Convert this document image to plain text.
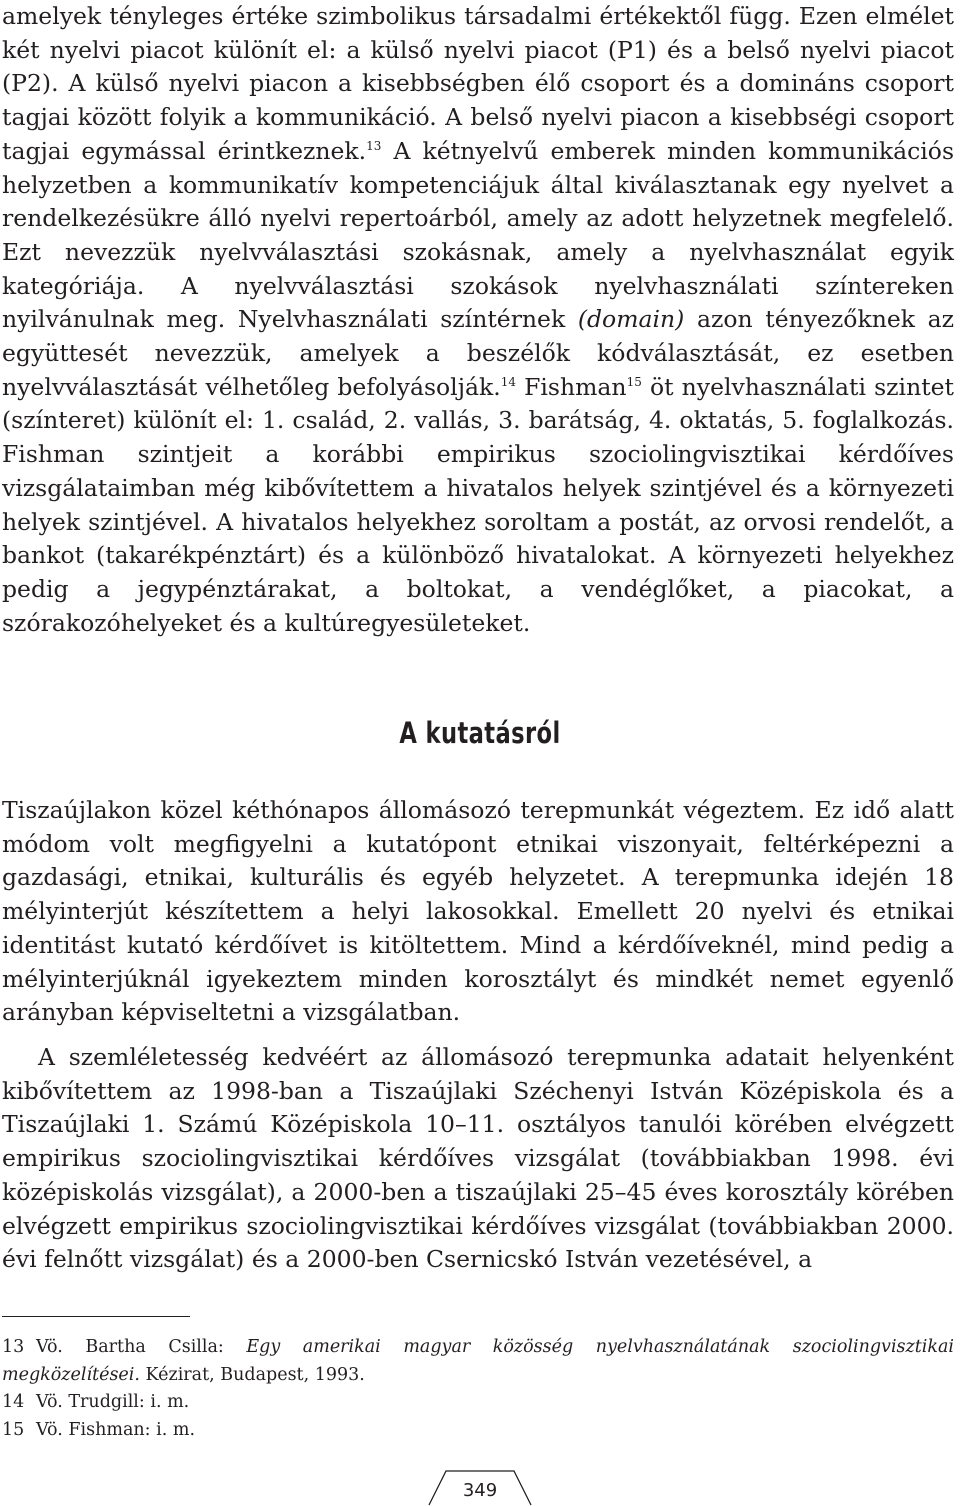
amelyek tényleges értéke szimbolikus társadalmi értékektől függ. Ezen elmélet két nyelvi piacot különít el: a külső nyelvi piacot (P1) és a belső nyelvi piacot (P2). A külső nyelvi piacon a kisebbségben élő csoport és a domináns csoport tagjai között folyik a kommunikáció. A belső nyelvi piacon a kisebbségi csoport tagjai egymással érintkeznek.$^{13}$ A kétnyelvű emberek minden kommunikációs helyzetben a kommunikatív kompetenciájuk által kiválasztanak egy nyelvet a rendelkezésükre álló nyelvi repertoárból, amely az adott helyzetnek megfelelő. Ezt nevezzük nyelvválasztási szokásnak, amely a nyelvhasználat egyik kategóriája. A nyelvválasztási szokások nyelvhasználati színtereken nyilvánulnak meg. Nyelvhasználati színtérnek (domain) azon tényezőknek az együttesét nevezzük, amelyek a beszélők kódválasztását, ez esetben nyelvválasztását vélhetőleg befolyásolják.$^{14}$ Fishman$^{15}$ öt nyelvhasználati szintet (színteret) különít el: 1. család, 2. vallás, 3. barátság, 4. oktatás, 5. foglalkozás. Fishman szintjeit a korábbi empirikus szociolingvisztikai kérdőíves vizsgálataimban még kibővítettem a hivatalos helyek szintjével és a környezeti helyek szintjével. A hivatalos helyekhez soroltam a postát, az orvosi rendelőt, a bankot (takarékpénztárt) és a különböző hivatalokat. A környezeti helyekhez pedig a jegypénztárakat, a boltokat, a vendéglőket, a piacokat, a szórakozóhelyeket és a kultúregyesületeket.
A kutatásról
Tiszaújlakon közel kéthónapos állomásozó terepmunkát végeztem. Ez idő alatt módom volt megfigyelni a kutatópont etnikai viszonyait, feltérképezni a gazdasági, etnikai, kulturális és egyéb helyzetet. A terepmunka idején 18 mélyinterjút készítettem a helyi lakosokkal. Emellett 20 nyelvi és etnikai identitást kutató kérdőívet is kitöltettem. Mind a kérdőíveknél, mind pedig a mélyinterjúknál igyekeztem minden korosztályt és mindkét nemet egyenlő arányban képviseltetni a vizsgálatban.
A szemléletesség kedvéért az állomásozó terepmunka adatait helyenként kibővítettem az 1998-ban a Tiszaújlaki Széchenyi István Középiskola és a Tiszaújlaki 1. Számú Középiskola 10–11. osztályos tanulói körében elvégzett empirikus szociolingvisztikai kérdőíves vizsgálat (továbbiakban 1998. évi középiskolás vizsgálat), a 2000-ben a tiszaújlaki 25–45 éves korosztály körében elvégzett empirikus szociolingvisztikai kérdőíves vizsgálat (továbbiakban 2000. évi felnőtt vizsgálat) és a 2000-ben Csernicskó István vezetésével, a

13 Vö. Bartha Csilla: Egy amerikai magyar közösség nyelvhasználatának szociolingvisztikai megközelítései. Kézirat, Budapest, 1993.

14 Vö. Trudgill: i. m.

15 Vö. Fishman: i. m.

349
